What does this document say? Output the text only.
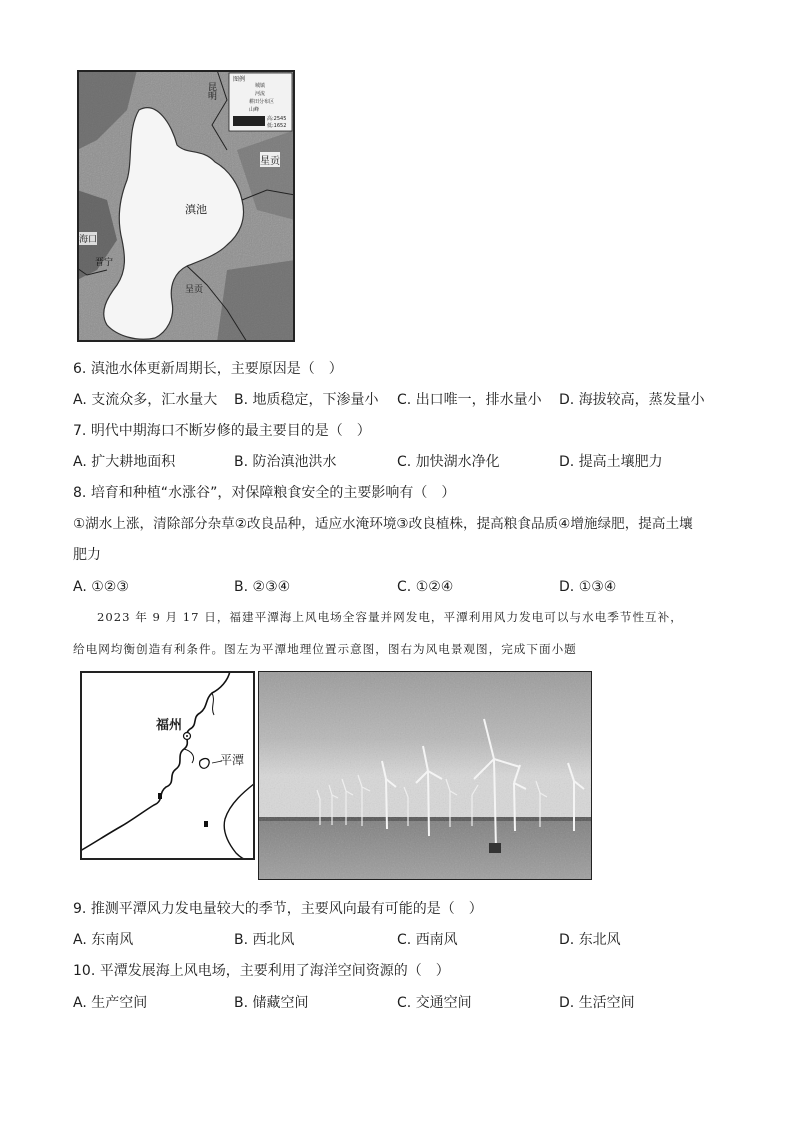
滇池
昆明
星贡
海口
晋宁
呈贡
图例
城镇
河流
耕田分布区
山峰
高:2545
低:1652
6. 滇池水体更新周期长，主要原因是（　）
A. 支流众多，汇水量大 B. 地质稳定，下渗量小 C. 出口唯一，排水量小 D. 海拔较高，蒸发量小
7. 明代中期海口不断岁修的最主要目的是（　）
A. 扩大耕地面积	B. 防治滇池洪水	C. 加快湖水净化	D. 提高土壤肥力
8. 培育和种植“水涨谷”，对保障粮食安全的主要影响有（　）
①湖水上涨，清除部分杂草②改良品种，适应水淹环境③改良植株，提高粮食品质④增施绿肥，提高土壤
肥力
A. ①②③	B. ②③④	C. ①②④	D. ①③④
2023 年 9 月 17 日，福建平潭海上风电场全容量并网发电，平潭利用风力发电可以与水电季节性互补，
给电网均衡创造有利条件。图左为平潭地理位置示意图，图右为风电景观图，完成下面小题
福州
平潭
9. 推测平潭风力发电量较大的季节，主要风向最有可能的是（　）
A. 东南风	B. 西北风	C. 西南风	D. 东北风
10. 平潭发展海上风电场，主要利用了海洋空间资源的（　）
A. 生产空间	B. 储藏空间	C. 交通空间	D. 生活空间
